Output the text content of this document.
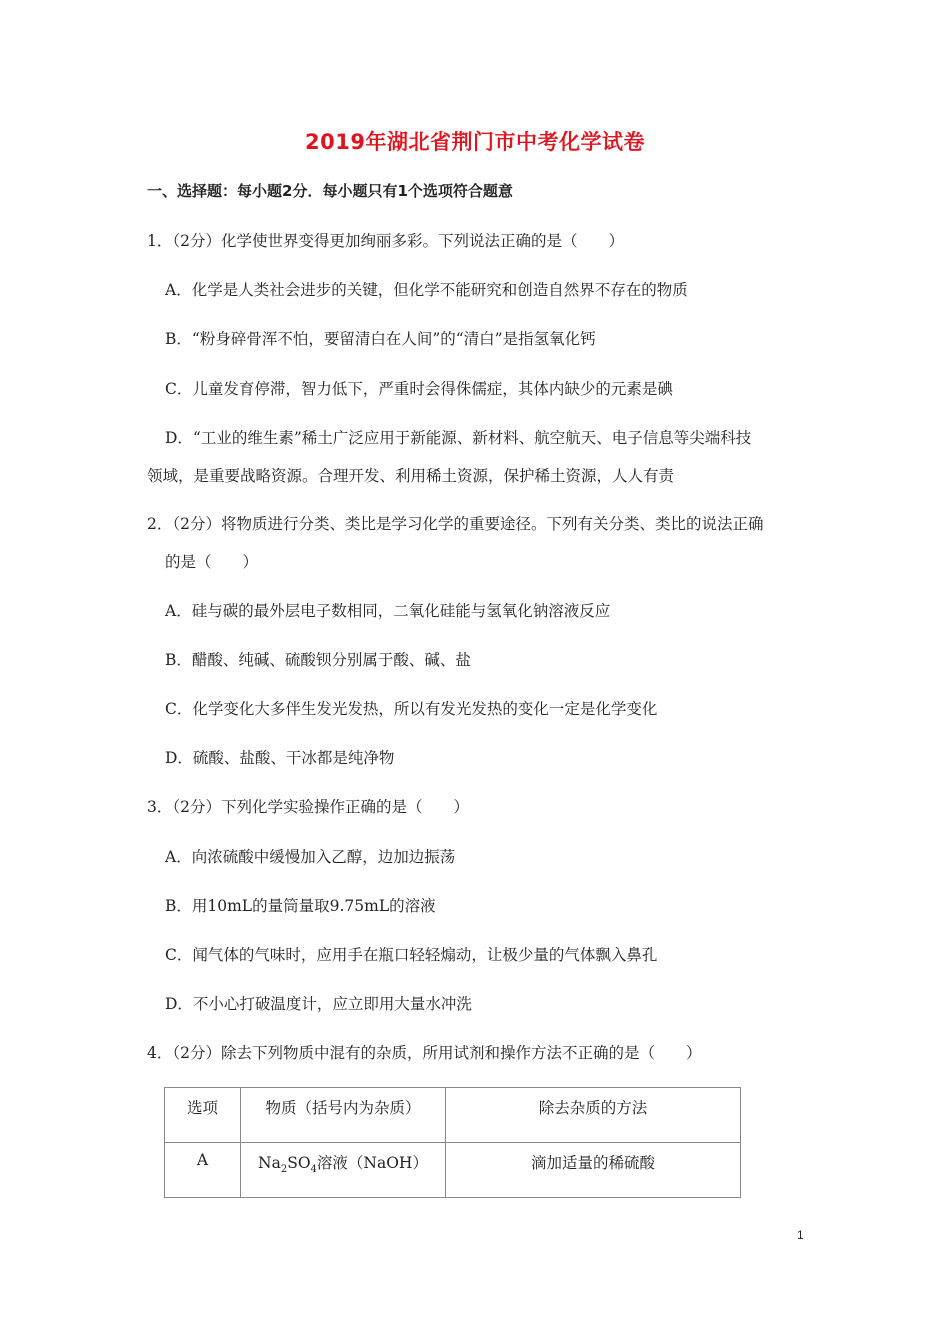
2019年湖北省荆门市中考化学试卷
一、选择题：每小题2分．每小题只有1个选项符合题意
1．（2分）化学使世界变得更加绚丽多彩。下列说法正确的是（　　）
A．化学是人类社会进步的关键，但化学不能研究和创造自然界不存在的物质
B．“粉身碎骨浑不怕，要留清白在人间”的“清白”是指氢氧化钙
C．儿童发育停滞，智力低下，严重时会得侏儒症，其体内缺少的元素是碘
D．“工业的维生素”稀土广泛应用于新能源、新材料、航空航天、电子信息等尖端科技
领域，是重要战略资源。合理开发、利用稀土资源，保护稀土资源，人人有责
2．（2分）将物质进行分类、类比是学习化学的重要途径。下列有关分类、类比的说法正确
的是（　　）
A．硅与碳的最外层电子数相同，二氧化硅能与氢氧化钠溶液反应
B．醋酸、纯碱、硫酸钡分别属于酸、碱、盐
C．化学变化大多伴生发光发热，所以有发光发热的变化一定是化学变化
D．硫酸、盐酸、干冰都是纯净物
3．（2分）下列化学实验操作正确的是（　　）
A．向浓硫酸中缓慢加入乙醇，边加边振荡
B．用10mL的量筒量取9.75mL的溶液
C．闻气体的气味时，应用手在瓶口轻轻煽动，让极少量的气体飘入鼻孔
D．不小心打破温度计，应立即用大量水冲洗
4．（2分）除去下列物质中混有的杂质，所用试剂和操作方法不正确的是（　　）
选项	物质（括号内为杂质）	除去杂质的方法
A	$Na_2SO_4$溶液（NaOH）	滴加适量的稀硫酸
1
